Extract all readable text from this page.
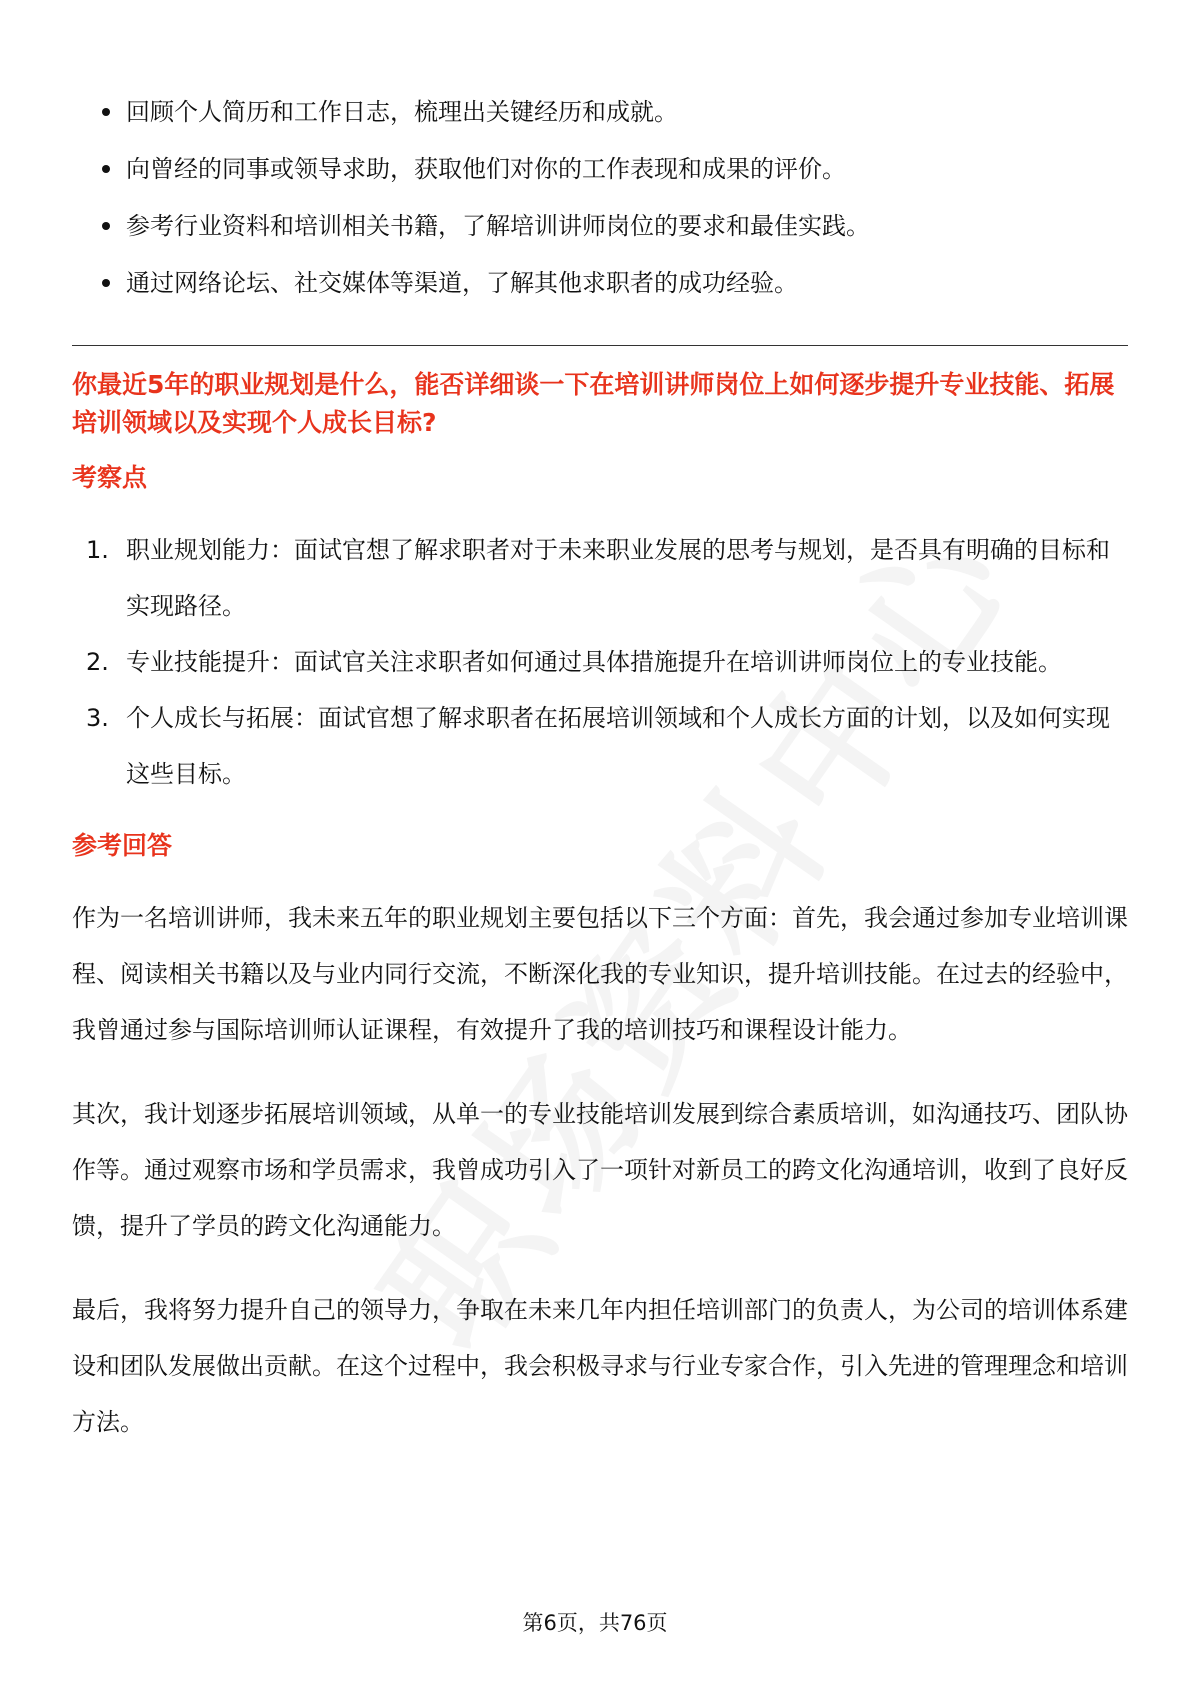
回顾个人简历和工作日志，梳理出关键经历和成就。
向曾经的同事或领导求助，获取他们对你的工作表现和成果的评价。
参考行业资料和培训相关书籍，了解培训讲师岗位的要求和最佳实践。
通过网络论坛、社交媒体等渠道，了解其他求职者的成功经验。
你最近5年的职业规划是什么，能否详细谈一下在培训讲师岗位上如何逐步提升专业技能、拓展培训领域以及实现个人成长目标?
考察点
1. 职业规划能力：面试官想了解求职者对于未来职业发展的思考与规划，是否具有明确的目标和实现路径。
2. 专业技能提升：面试官关注求职者如何通过具体措施提升在培训讲师岗位上的专业技能。
3. 个人成长与拓展：面试官想了解求职者在拓展培训领域和个人成长方面的计划，以及如何实现这些目标。
参考回答

作为一名培训讲师，我未来五年的职业规划主要包括以下三个方面：首先，我会通过参加专业培训课程、阅读相关书籍以及与业内同行交流，不断深化我的专业知识，提升培训技能。在过去的经验中，我曾通过参与国际培训师认证课程，有效提升了我的培训技巧和课程设计能力。

其次，我计划逐步拓展培训领域，从单一的专业技能培训发展到综合素质培训，如沟通技巧、团队协作等。通过观察市场和学员需求，我曾成功引入了一项针对新员工的跨文化沟通培训，收到了良好反馈，提升了学员的跨文化沟通能力。

最后，我将努力提升自己的领导力，争取在未来几年内担任培训部门的负责人，为公司的培训体系建设和团队发展做出贡献。在这个过程中，我会积极寻求与行业专家合作，引入先进的管理理念和培训方法。

第6页，共76页
